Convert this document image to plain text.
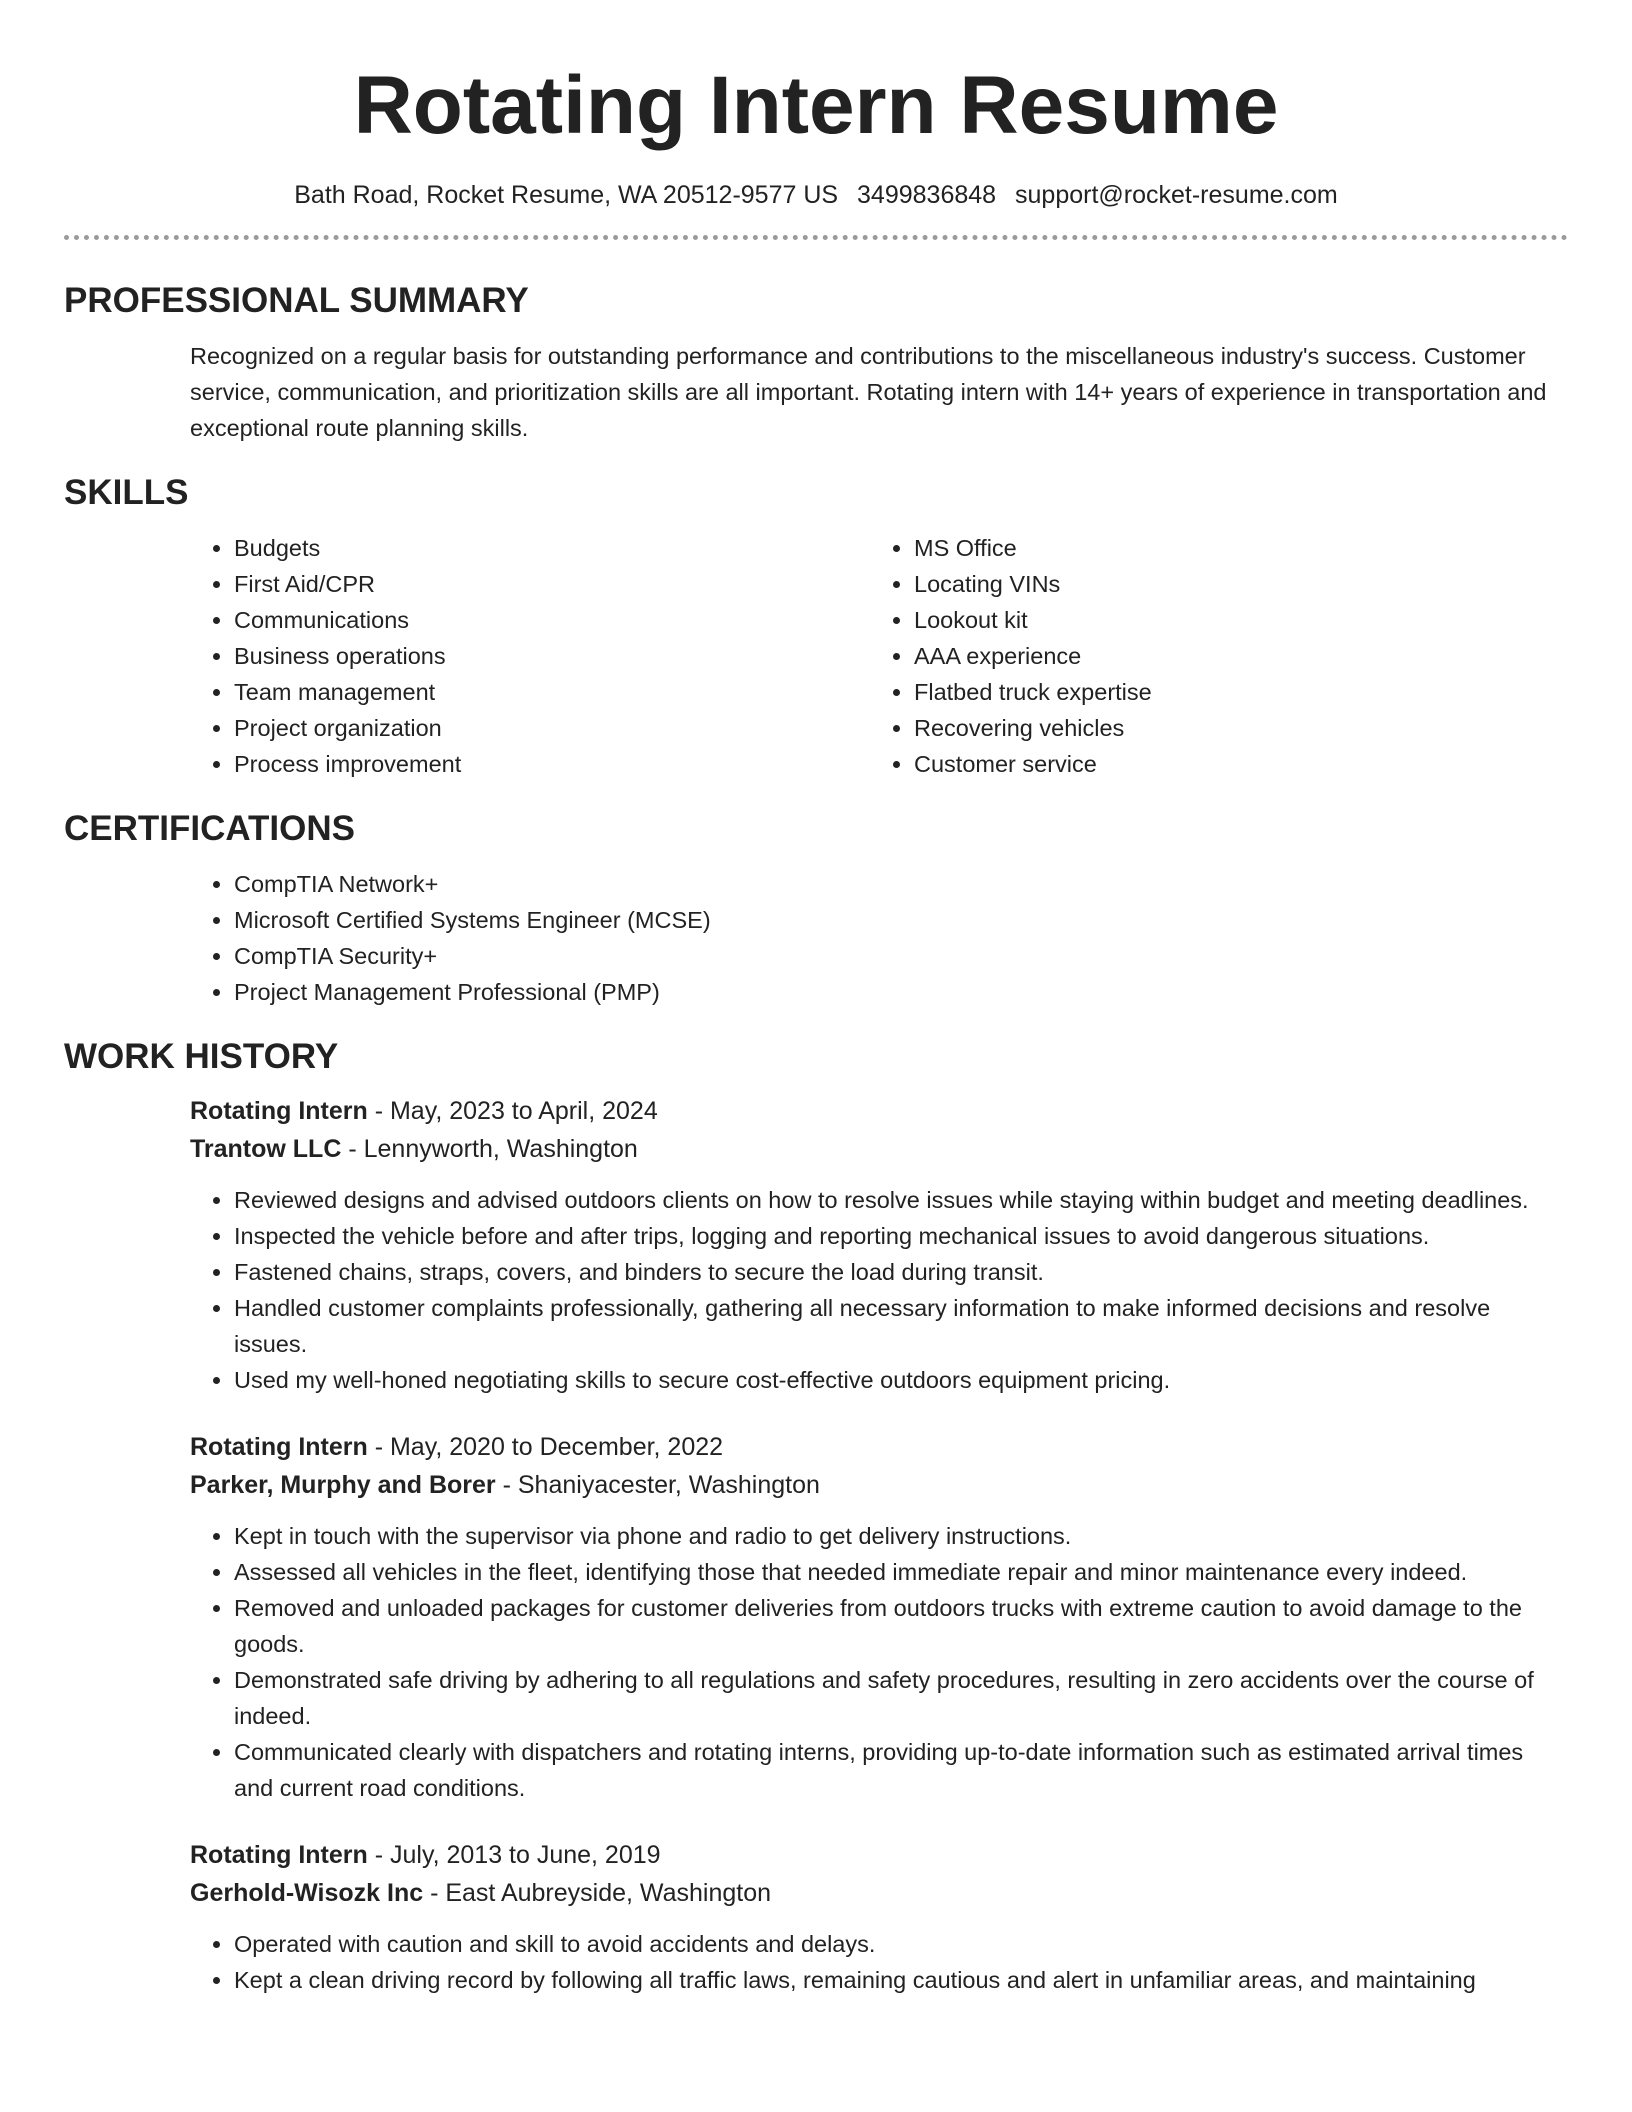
Rotating Intern Resume
Bath Road, Rocket Resume, WA 20512-9577 US 3499836848 support@rocket-resume.com
PROFESSIONAL SUMMARY

Recognized on a regular basis for outstanding performance and contributions to the miscellaneous industry's success. Customer service, communication, and prioritization skills are all important. Rotating intern with 14+ years of experience in transportation and exceptional route planning skills.

SKILLS
• Budgets
• First Aid/CPR
• Communications
• Business operations
• Team management
• Project organization
• Process improvement
• MS Office
• Locating VINs
• Lookout kit
• AAA experience
• Flatbed truck expertise
• Recovering vehicles
• Customer service
CERTIFICATIONS
• CompTIA Network+
• Microsoft Certified Systems Engineer (MCSE)
• CompTIA Security+
• Project Management Professional (PMP)
WORK HISTORY
Rotating Intern - May, 2023 to April, 2024
Trantow LLC - Lennyworth, Washington
• Reviewed designs and advised outdoors clients on how to resolve issues while staying within budget and meeting deadlines.
• Inspected the vehicle before and after trips, logging and reporting mechanical issues to avoid dangerous situations.
• Fastened chains, straps, covers, and binders to secure the load during transit.
• Handled customer complaints professionally, gathering all necessary information to make informed decisions and resolve issues.
• Used my well-honed negotiating skills to secure cost-effective outdoors equipment pricing.
Rotating Intern - May, 2020 to December, 2022
Parker, Murphy and Borer - Shaniyacester, Washington
• Kept in touch with the supervisor via phone and radio to get delivery instructions.
• Assessed all vehicles in the fleet, identifying those that needed immediate repair and minor maintenance every indeed.
• Removed and unloaded packages for customer deliveries from outdoors trucks with extreme caution to avoid damage to the goods.
• Demonstrated safe driving by adhering to all regulations and safety procedures, resulting in zero accidents over the course of indeed.
• Communicated clearly with dispatchers and rotating interns, providing up-to-date information such as estimated arrival times and current road conditions.
Rotating Intern - July, 2013 to June, 2019
Gerhold-Wisozk Inc - East Aubreyside, Washington
• Operated with caution and skill to avoid accidents and delays.
• Kept a clean driving record by following all traffic laws, remaining cautious and alert in unfamiliar areas, and maintaining
